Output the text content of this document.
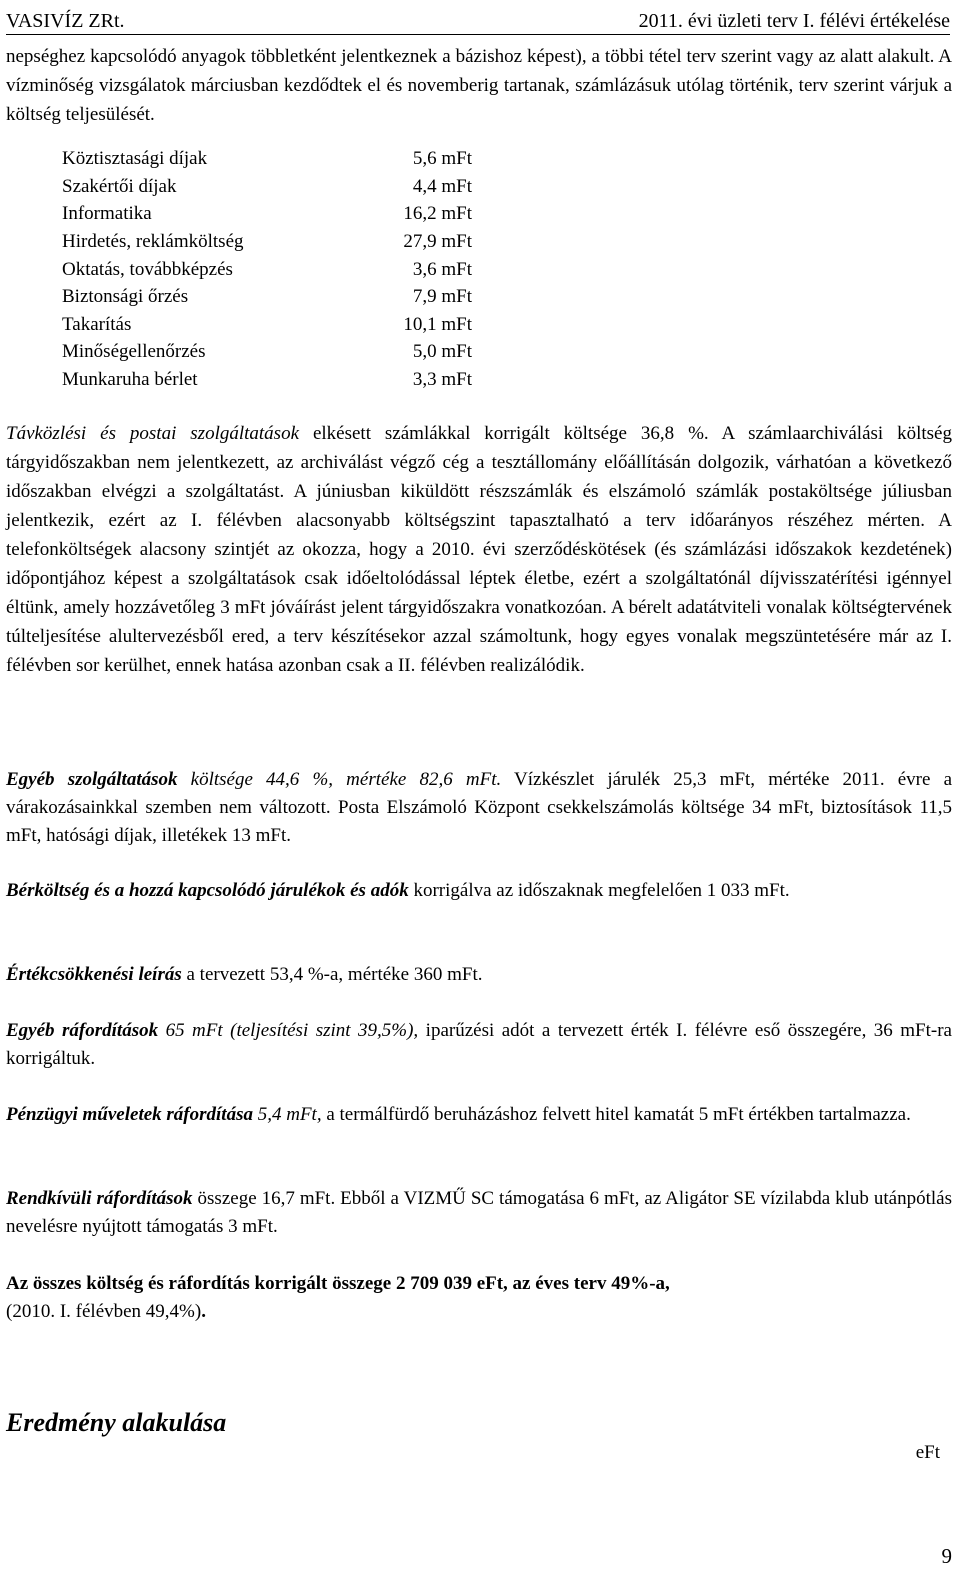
VASIVÍZ ZRt.	2011. évi üzleti terv I. félévi értékelése

nepséghez kapcsolódó anyagok többletként jelentkeznek a bázishoz képest), a többi tétel terv szerint vagy az alatt alakult. A vízminőség vizsgálatok márciusban kezdődtek el és novemberig tartanak, számlázásuk utólag történik, terv szerint várjuk a költség teljesülését.

Köztisztasági díjak	5,6 mFt
Szakértői díjak	4,4 mFt
Informatika	16,2 mFt
Hirdetés, reklámköltség	27,9 mFt
Oktatás, továbbképzés	3,6 mFt
Biztonsági őrzés	7,9 mFt
Takarítás	10,1 mFt
Minőségellenőrzés	5,0 mFt
Munkaruha bérlet	3,3 mFt

Távközlési és postai szolgáltatások elkésett számlákkal korrigált költsége 36,8 %. A számlaarchiválási költség tárgyidőszakban nem jelentkezett, az archiválást végző cég a tesztállomány előállításán dolgozik, várhatóan a következő időszakban elvégzi a szolgáltatást. A júniusban kiküldött részszámlák és elszámoló számlák postaköltsége júliusban jelentkezik, ezért az I. félévben alacsonyabb költségszint tapasztalható a terv időarányos részéhez mérten. A telefonköltségek alacsony szintjét az okozza, hogy a 2010. évi szerződéskötések (és számlázási időszakok kezdetének) időpontjához képest a szolgáltatások csak időeltolódással léptek életbe, ezért a szolgáltatónál díjvisszatérítési igénnyel éltünk, amely hozzávetőleg 3 mFt jóváírást jelent tárgyidőszakra vonatkozóan. A bérelt adatátviteli vonalak költségtervének túlteljesítése alultervezésből ered, a terv készítésekor azzal számoltunk, hogy egyes vonalak megszüntetésére már az I. félévben sor kerülhet, ennek hatása azonban csak a II. félévben realizálódik.

Egyéb szolgáltatások költsége 44,6 %, mértéke 82,6 mFt. Vízkészlet járulék 25,3 mFt, mértéke 2011. évre a várakozásainkkal szemben nem változott. Posta Elszámoló Központ csekkelszámolás költsége 34 mFt, biztosítások 11,5 mFt, hatósági díjak, illetékek 13 mFt.

Bérköltség és a hozzá kapcsolódó járulékok és adók korrigálva az időszaknak megfelelően 1 033 mFt.

Értékcsökkenési leírás a tervezett 53,4 %-a, mértéke 360 mFt.

Egyéb ráfordítások 65 mFt (teljesítési szint 39,5%), iparűzési adót a tervezett érték I. félévre eső összegére, 36 mFt-ra korrigáltuk.

Pénzügyi műveletek ráfordítása 5,4 mFt, a termálfürdő beruházáshoz felvett hitel kamatát 5 mFt értékben tartalmazza.

Rendkívüli ráfordítások összege 16,7 mFt. Ebből a VIZMŰ SC támogatása 6 mFt, az Aligátor SE vízilabda klub utánpótlás nevelésre nyújtott támogatás 3 mFt.

Az összes költség és ráfordítás korrigált összege 2 709 039 eFt, az éves terv 49%-a,
(2010. I. félévben 49,4%).

Eredmény alakulása
eFt
9
